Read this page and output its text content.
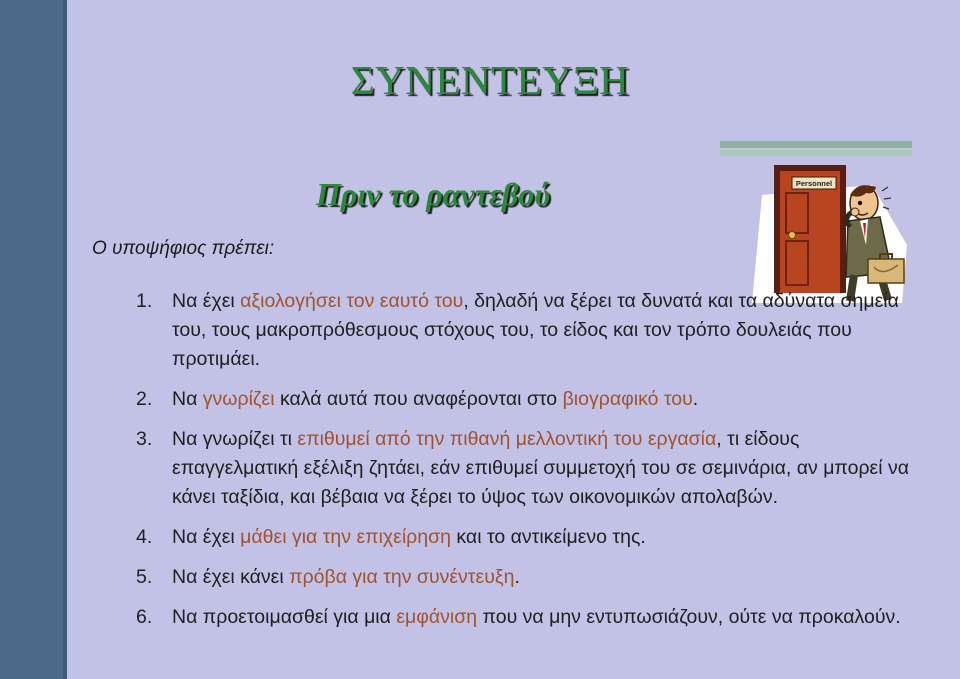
ΣΥΝΕΝΤΕΥΞΗ
Πριν το ραντεβού
Ο υποψήφιος πρέπει:
Personnel
1. Να έχει αξιολογήσει τον εαυτό του, δηλαδή να ξέρει τα δυνατά και τα αδύνατα σημεία του, τους μακροπρόθεσμους στόχους του, το είδος και τον τρόπο δουλειάς που προτιμάει.
2. Να γνωρίζει καλά αυτά που αναφέρονται στο βιογραφικό του.
3. Να γνωρίζει τι επιθυμεί από την πιθανή μελλοντική του εργασία, τι είδους επαγγελματική εξέλιξη ζητάει, εάν επιθυμεί συμμετοχή του σε σεμινάρια, αν μπορεί να κάνει ταξίδια, και βέβαια να ξέρει το ύψος των οικονομικών απολαβών.
4. Να έχει μάθει για την επιχείρηση και το αντικείμενο της.
5. Να έχει κάνει πρόβα για την συνέντευξη.
6. Να προετοιμασθεί για μια εμφάνιση που να μην εντυπωσιάζουν, ούτε να προκαλούν.
